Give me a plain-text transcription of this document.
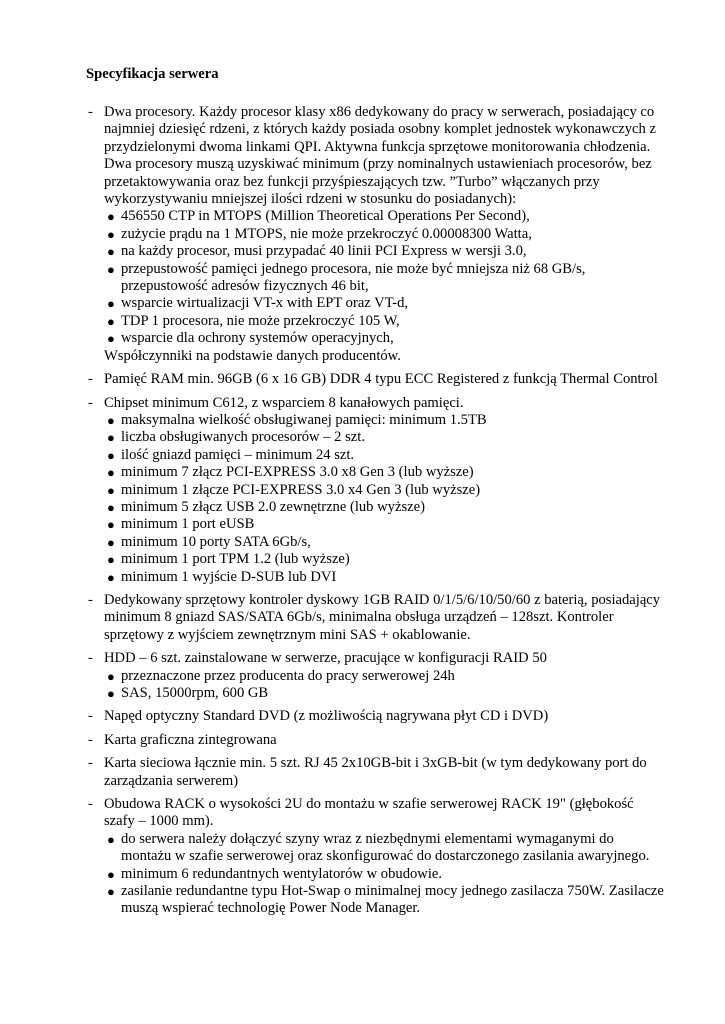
Specyfikacja serwera
- Dwa procesory. Każdy procesor klasy x86 dedykowany do pracy w serwerach, posiadający co najmniej dziesięć rdzeni, z których każdy posiada osobny komplet jednostek wykonawczych z przydzielonymi dwoma linkami QPI. Aktywna funkcja sprzętowe monitorowania chłodzenia. Dwa procesory muszą uzyskiwać minimum (przy nominalnych ustawieniach procesorów, bez przetaktowywania oraz bez funkcji przyśpieszających tzw. ”Turbo” włączanych przy wykorzystywaniu mniejszej ilości rdzeni w stosunku do posiadanych):
● 456550 CTP in MTOPS (Million Theoretical Operations Per Second),
● zużycie prądu na 1 MTOPS, nie może przekroczyć 0.00008300 Watta,
● na każdy procesor, musi przypadać 40 linii PCI Express w wersji 3.0,
● przepustowość pamięci jednego procesora, nie może być mniejsza niż 68 GB/s, przepustowość adresów fizycznych 46 bit,
● wsparcie wirtualizacji VT-x with EPT oraz VT-d,
● TDP 1 procesora, nie może przekroczyć 105 W,
● wsparcie dla ochrony systemów operacyjnych,
Współczynniki na podstawie danych producentów.
- Pamięć RAM min. 96GB (6 x 16 GB) DDR 4 typu ECC Registered z funkcją Thermal Control
- Chipset minimum C612, z wsparciem 8 kanałowych pamięci.
● maksymalna wielkość obsługiwanej pamięci: minimum 1.5TB
● liczba obsługiwanych procesorów – 2 szt.
● ilość gniazd pamięci – minimum 24 szt.
● minimum 7 złącz PCI-EXPRESS 3.0 x8 Gen 3 (lub wyższe)
● minimum 1 złącze PCI-EXPRESS 3.0 x4 Gen 3 (lub wyższe)
● minimum 5 złącz USB 2.0 zewnętrzne (lub wyższe)
● minimum 1 port eUSB
● minimum 10 porty SATA 6Gb/s,
● minimum 1 port TPM 1.2 (lub wyższe)
● minimum 1 wyjście D-SUB lub DVI
- Dedykowany sprzętowy kontroler dyskowy 1GB RAID 0/1/5/6/10/50/60 z baterią, posiadający minimum 8 gniazd SAS/SATA 6Gb/s, minimalna obsługa urządzeń – 128szt. Kontroler sprzętowy z wyjściem zewnętrznym mini SAS + okablowanie.
- HDD – 6 szt. zainstalowane w serwerze, pracujące w konfiguracji RAID 50
● przeznaczone przez producenta do pracy serwerowej 24h
● SAS, 15000rpm, 600 GB
- Napęd optyczny Standard DVD (z możliwością nagrywana płyt CD i DVD)
- Karta graficzna zintegrowana
- Karta sieciowa łącznie min. 5 szt. RJ 45 2x10GB-bit i 3xGB-bit (w tym dedykowany port do zarządzania serwerem)
- Obudowa RACK o wysokości 2U do montażu w szafie serwerowej RACK 19" (głębokość szafy – 1000 mm).
● do serwera należy dołączyć szyny wraz z niezbędnymi elementami wymaganymi do montażu w szafie serwerowej oraz skonfigurować do dostarczonego zasilania awaryjnego.
● minimum 6 redundantnych wentylatorów w obudowie.
● zasilanie redundantne typu Hot-Swap o minimalnej mocy jednego zasilacza 750W. Zasilacze muszą wspierać technologię Power Node Manager.
